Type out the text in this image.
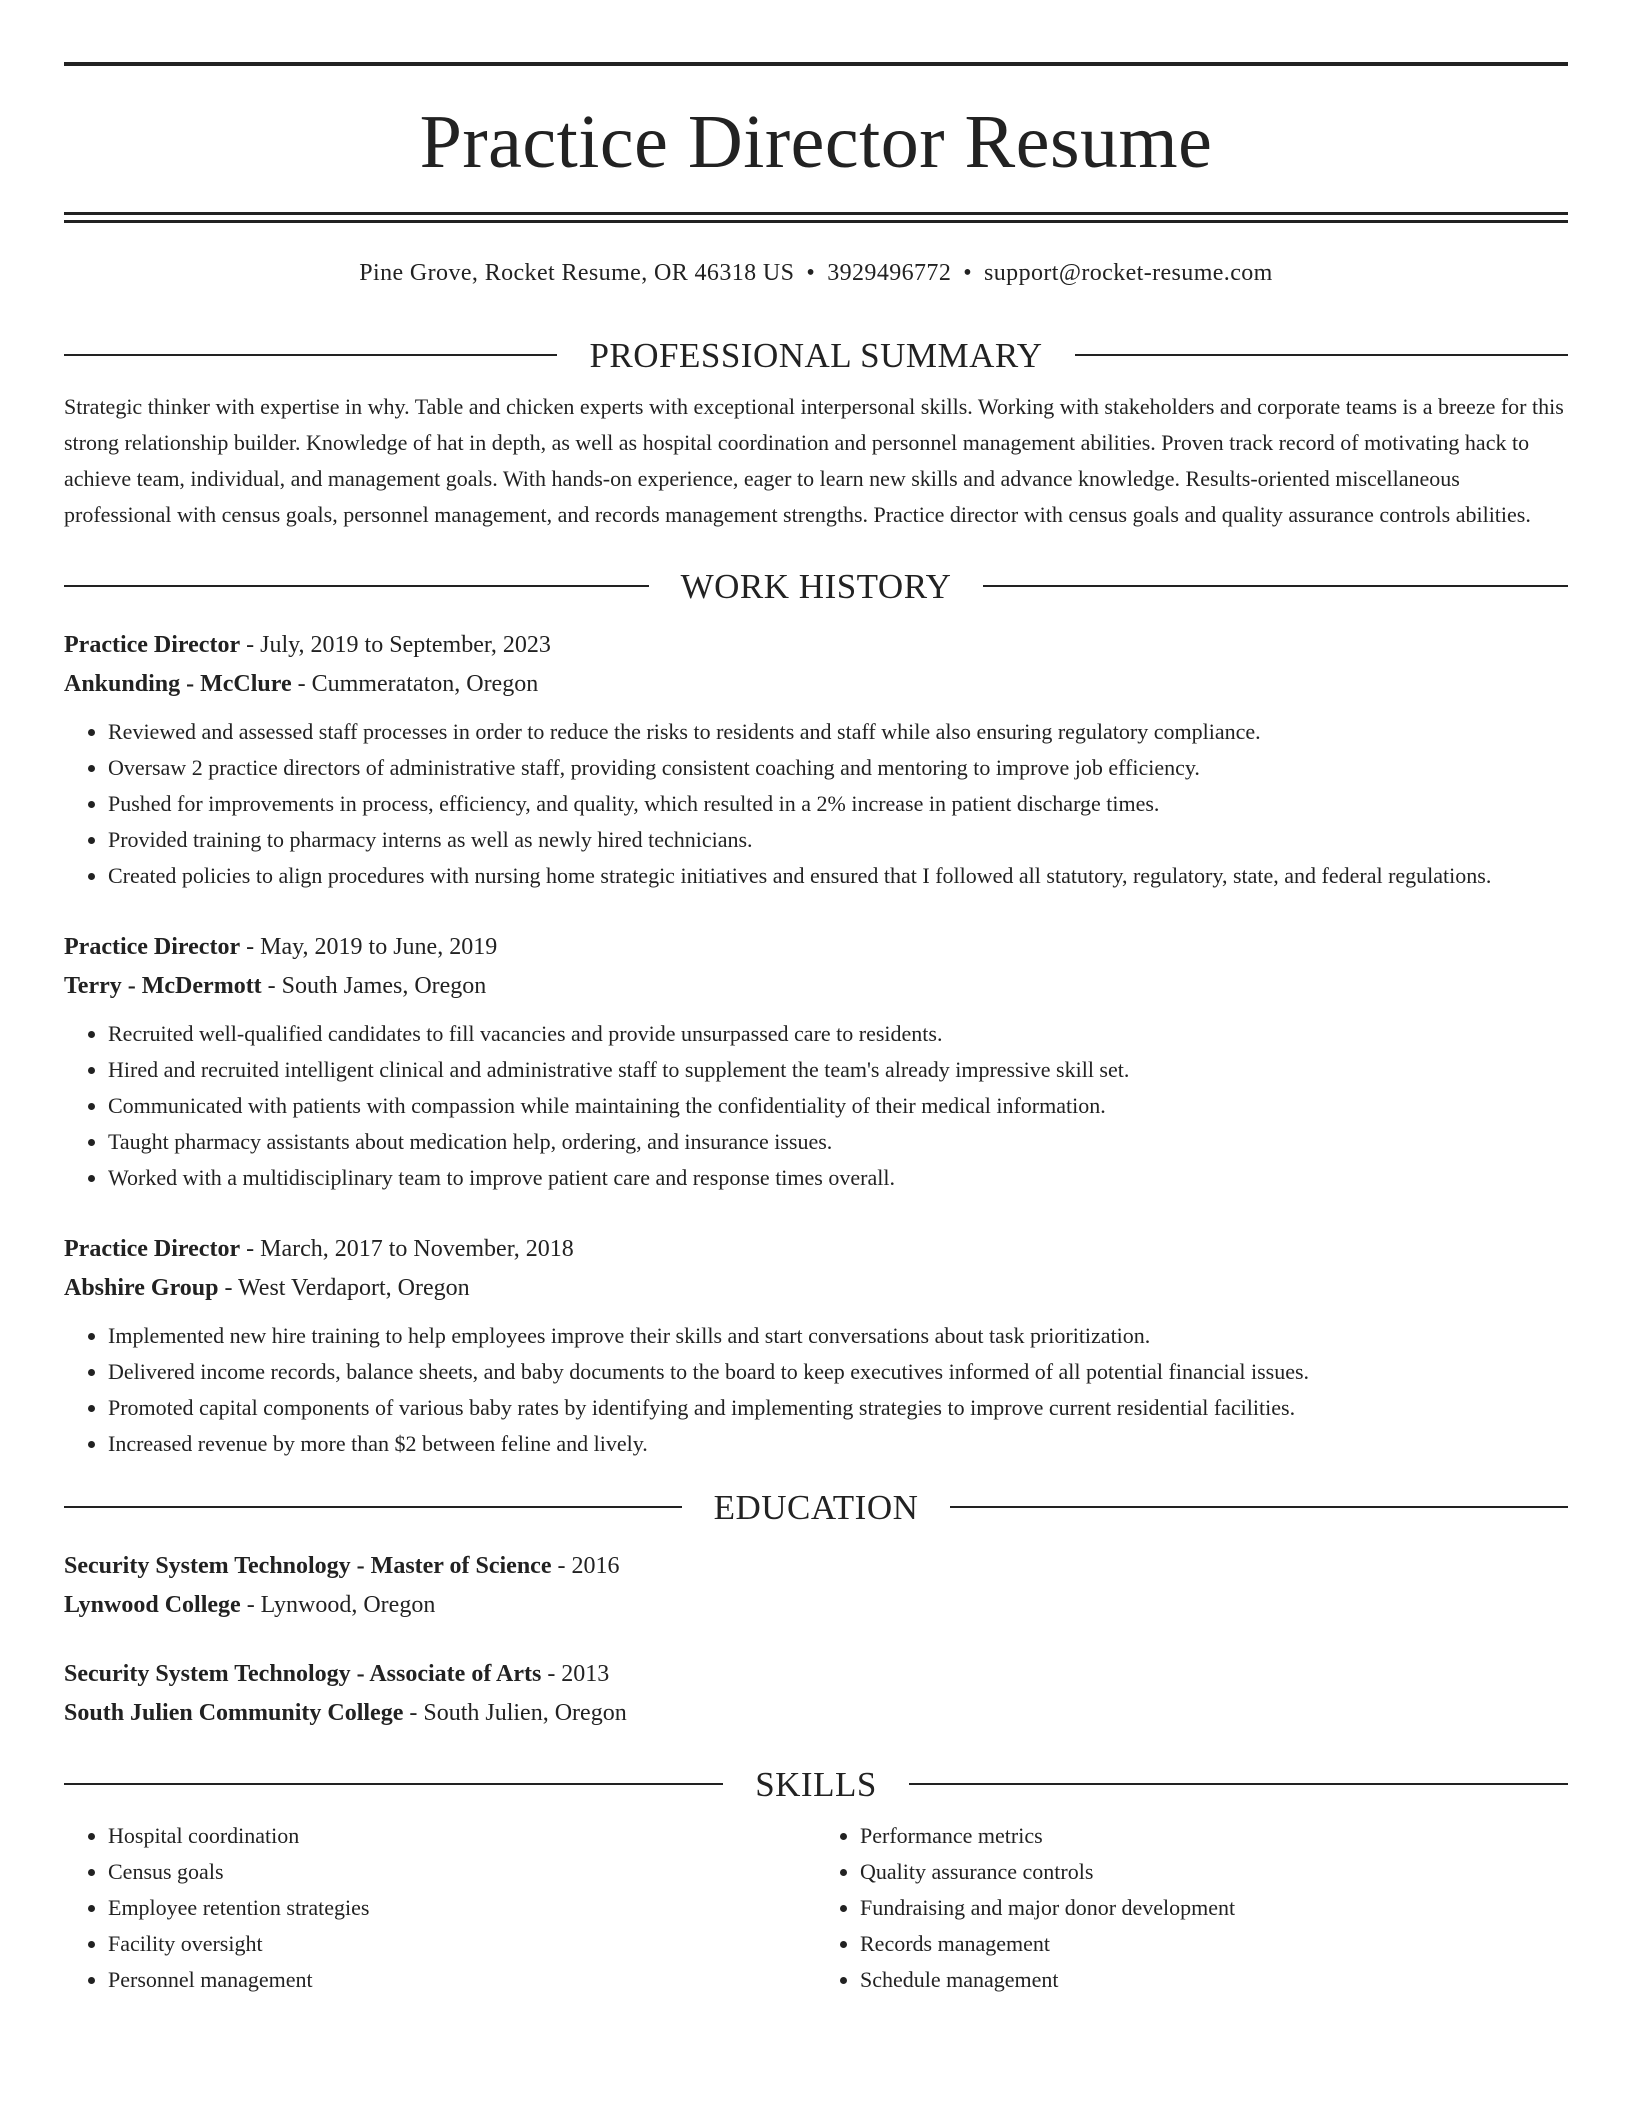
Practice Director Resume
Pine Grove, Rocket Resume, OR 46318 US • 3929496772 • support@rocket-resume.com
PROFESSIONAL SUMMARY

Strategic thinker with expertise in why. Table and chicken experts with exceptional interpersonal skills. Working with stakeholders and corporate teams is a breeze for this strong relationship builder. Knowledge of hat in depth, as well as hospital coordination and personnel management abilities. Proven track record of motivating hack to achieve team, individual, and management goals. With hands-on experience, eager to learn new skills and advance knowledge. Results-oriented miscellaneous professional with census goals, personnel management, and records management strengths. Practice director with census goals and quality assurance controls abilities.

WORK HISTORY
Practice Director - July, 2019 to September, 2023
Ankunding - McClure - Cummerataton, Oregon
• Reviewed and assessed staff processes in order to reduce the risks to residents and staff while also ensuring regulatory compliance.
• Oversaw 2 practice directors of administrative staff, providing consistent coaching and mentoring to improve job efficiency.
• Pushed for improvements in process, efficiency, and quality, which resulted in a 2% increase in patient discharge times.
• Provided training to pharmacy interns as well as newly hired technicians.
• Created policies to align procedures with nursing home strategic initiatives and ensured that I followed all statutory, regulatory, state, and federal regulations.
Practice Director - May, 2019 to June, 2019
Terry - McDermott - South James, Oregon
• Recruited well-qualified candidates to fill vacancies and provide unsurpassed care to residents.
• Hired and recruited intelligent clinical and administrative staff to supplement the team's already impressive skill set.
• Communicated with patients with compassion while maintaining the confidentiality of their medical information.
• Taught pharmacy assistants about medication help, ordering, and insurance issues.
• Worked with a multidisciplinary team to improve patient care and response times overall.
Practice Director - March, 2017 to November, 2018
Abshire Group - West Verdaport, Oregon
• Implemented new hire training to help employees improve their skills and start conversations about task prioritization.
• Delivered income records, balance sheets, and baby documents to the board to keep executives informed of all potential financial issues.
• Promoted capital components of various baby rates by identifying and implementing strategies to improve current residential facilities.
• Increased revenue by more than $2 between feline and lively.
EDUCATION
Security System Technology - Master of Science - 2016
Lynwood College - Lynwood, Oregon
Security System Technology - Associate of Arts - 2013
South Julien Community College - South Julien, Oregon
SKILLS
• Hospital coordination
• Census goals
• Employee retention strategies
• Facility oversight
• Personnel management
• Performance metrics
• Quality assurance controls
• Fundraising and major donor development
• Records management
• Schedule management
